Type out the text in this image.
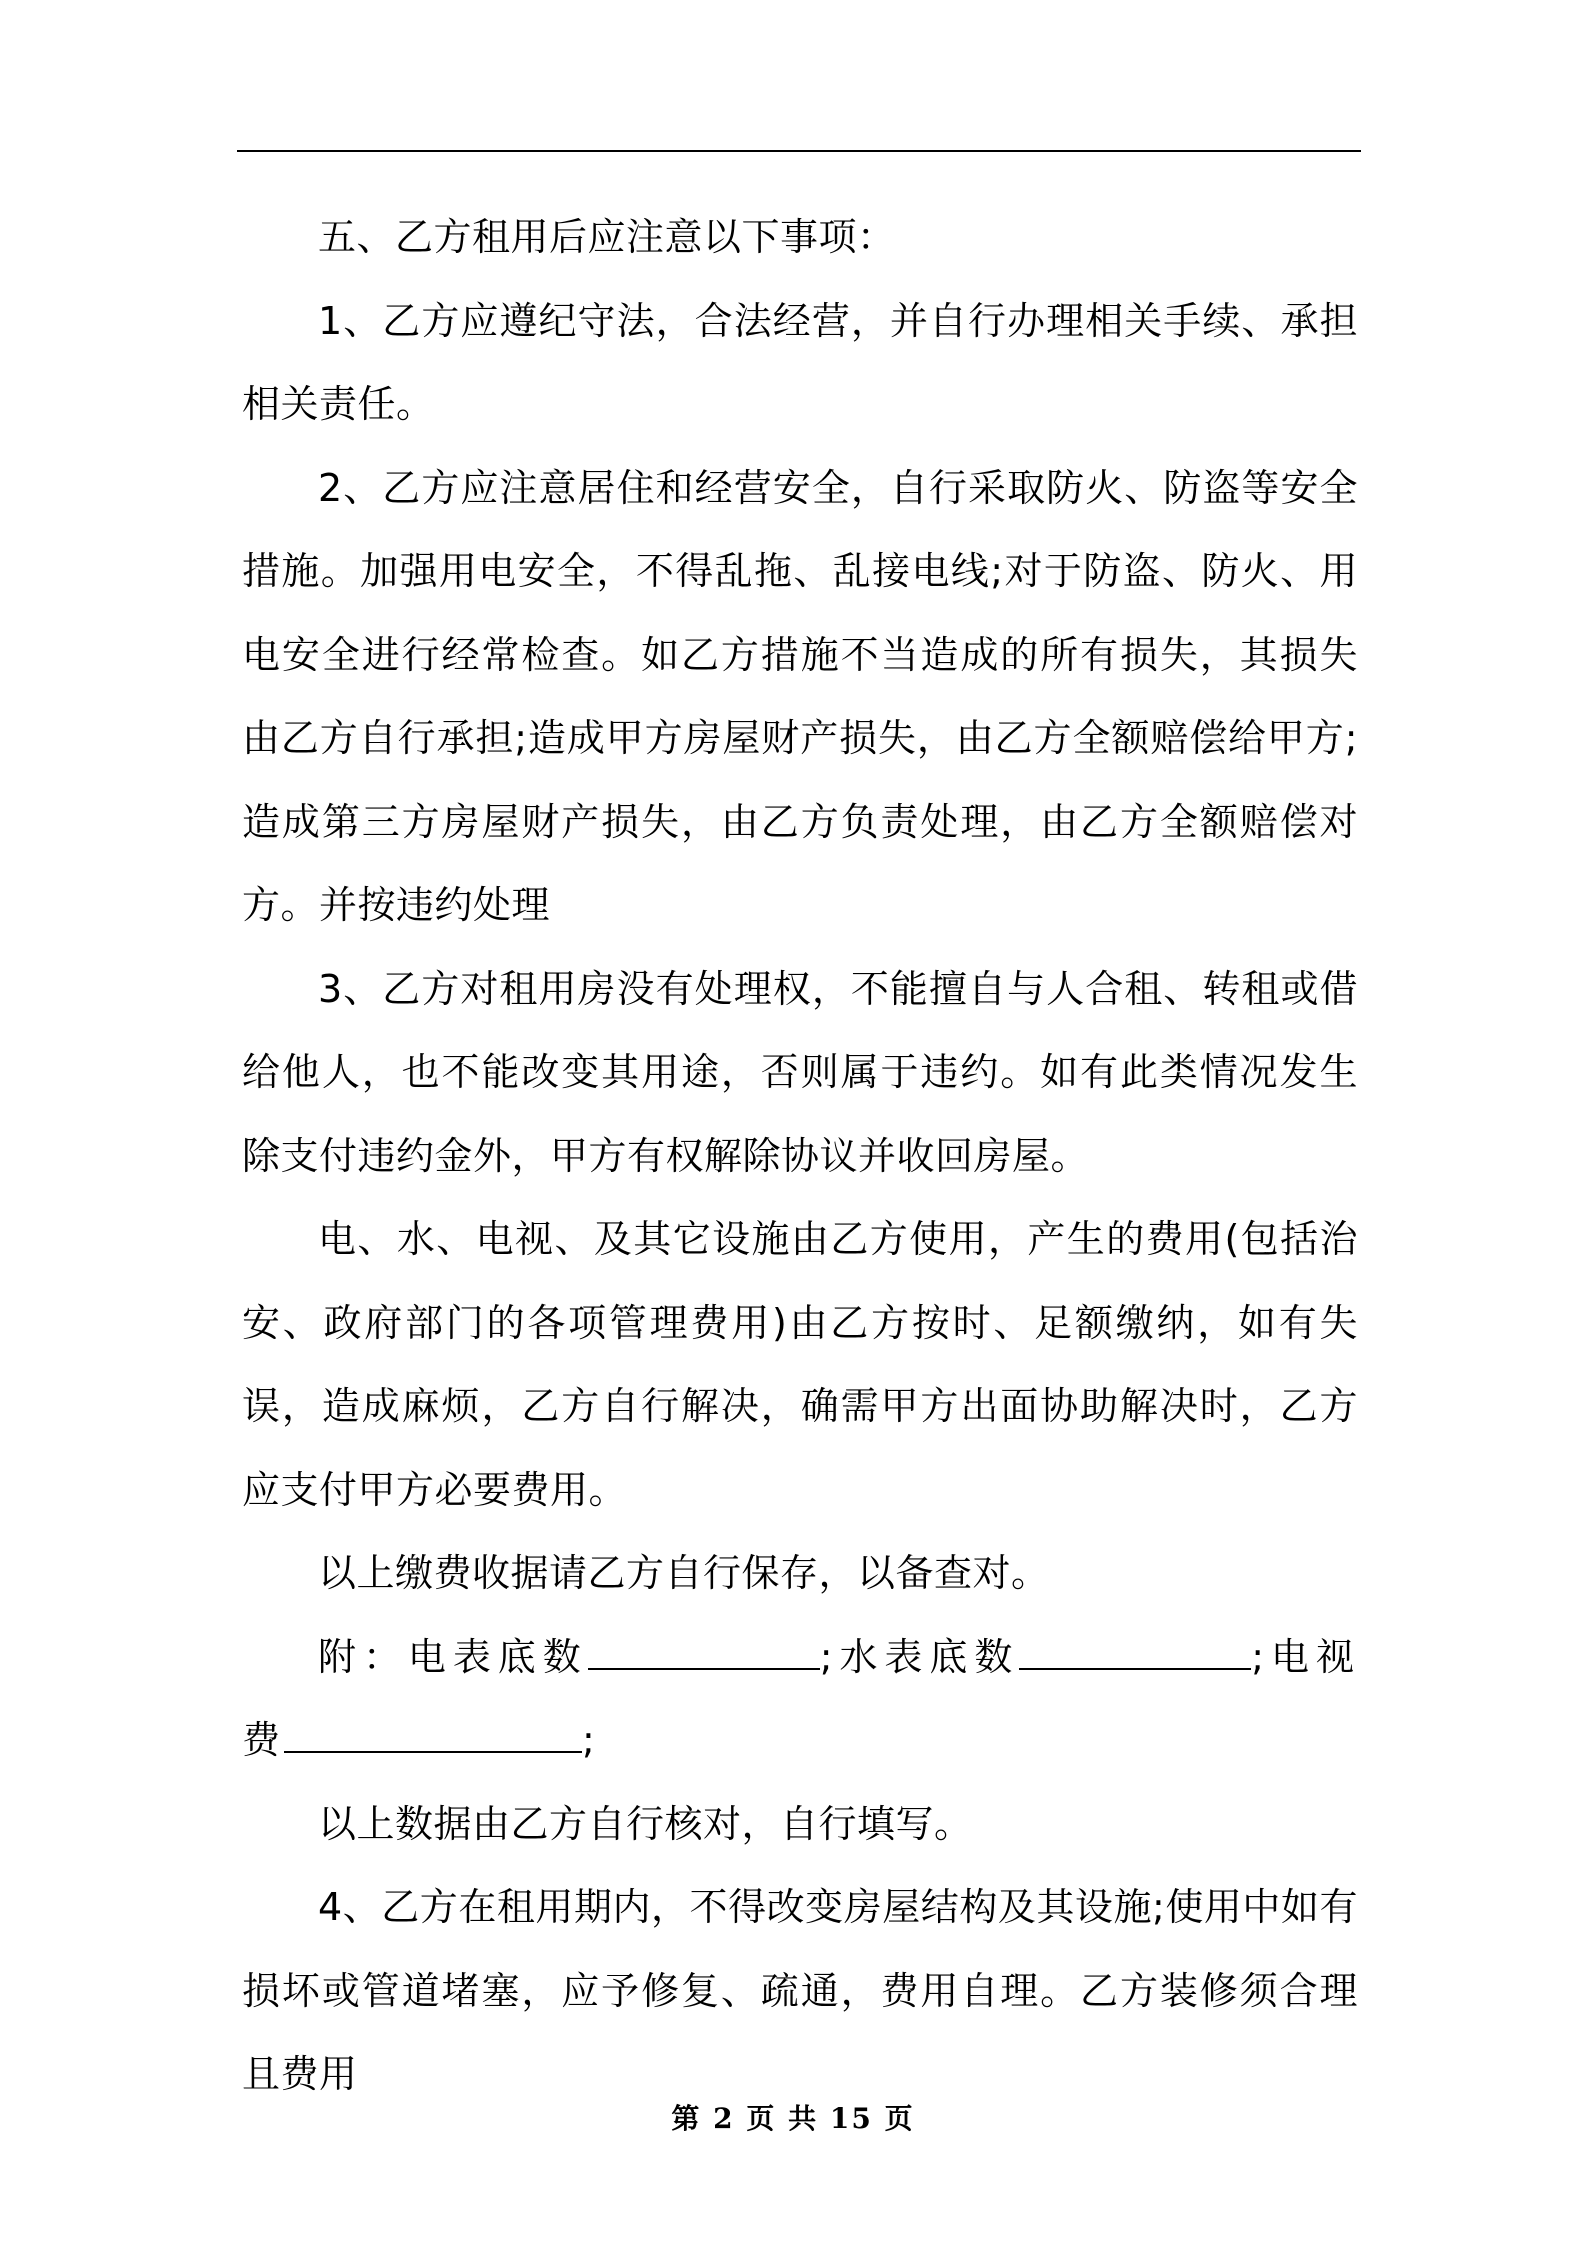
五、乙方租用后应注意以下事项：

1、乙方应遵纪守法，合法经营，并自行办理相关手续、承担相关责任。

2、乙方应注意居住和经营安全，自行采取防火、防盗等安全措施。加强用电安全，不得乱拖、乱接电线;对于防盗、防火、用电安全进行经常检查。如乙方措施不当造成的所有损失，其损失由乙方自行承担;造成甲方房屋财产损失，由乙方全额赔偿给甲方;造成第三方房屋财产损失，由乙方负责处理，由乙方全额赔偿对方。并按违约处理

3、乙方对租用房没有处理权，不能擅自与人合租、转租或借给他人，也不能改变其用途，否则属于违约。如有此类情况发生除支付违约金外，甲方有权解除协议并收回房屋。

电、水、电视、及其它设施由乙方使用，产生的费用(包括治安、政府部门的各项管理费用)由乙方按时、足额缴纳，如有失误，造成麻烦，乙方自行解决，确需甲方出面协助解决时，乙方应支付甲方必要费用。

以上缴费收据请乙方自行保存，以备查对。

附：电表底数	;水表底数	;电视费	;

以上数据由乙方自行核对，自行填写。

4、乙方在租用期内，不得改变房屋结构及其设施;使用中如有损坏或管道堵塞，应予修复、疏通，费用自理。乙方装修须合理且费用

第 2 页 共 15 页
